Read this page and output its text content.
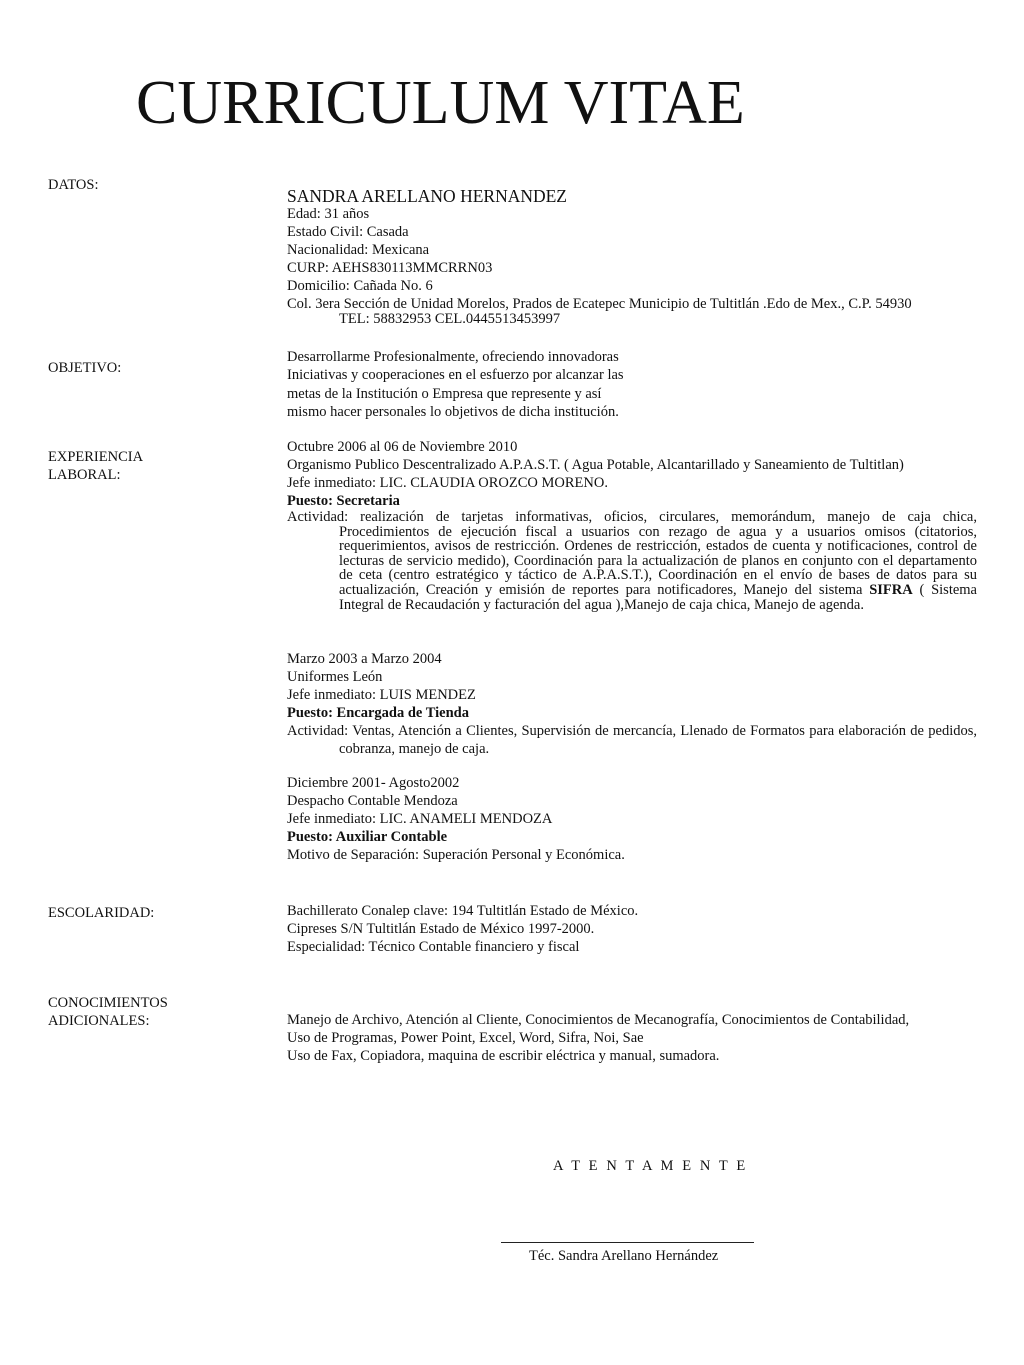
CURRICULUM VITAE
DATOS:
OBJETIVO:
EXPERIENCIA
LABORAL:
ESCOLARIDAD:
CONOCIMIENTOS
ADICIONALES:
SANDRA ARELLANO HERNANDEZ
Edad: 31 años
Estado Civil: Casada
Nacionalidad: Mexicana
CURP: AEHS830113MMCRRN03
Domicilio: Cañada No. 6
Col. 3era Sección de Unidad Morelos, Prados de Ecatepec Municipio de Tultitlán .Edo de Mex., C.P. 54930
TEL: 58832953 CEL.0445513453997
Desarrollarme Profesionalmente, ofreciendo innovadoras
Iniciativas y cooperaciones en el esfuerzo por alcanzar las
metas de la Institución o Empresa que represente y así
mismo hacer personales lo objetivos de dicha institución.
Octubre 2006 al 06 de Noviembre 2010
Organismo Publico Descentralizado A.P.A.S.T. ( Agua Potable, Alcantarillado y Saneamiento de Tultitlan)
Jefe inmediato: LIC. CLAUDIA OROZCO MORENO.
Puesto: Secretaria
Actividad: realización de tarjetas informativas, oficios, circulares, memorándum, manejo de caja chica, Procedimientos de ejecución fiscal a usuarios con rezago de agua y a usuarios omisos (citatorios, requerimientos, avisos de restricción. Ordenes de restricción, estados de cuenta y notificaciones, control de lecturas de servicio medido), Coordinación para la actualización de planos en conjunto con el departamento de ceta (centro estratégico y táctico de A.P.A.S.T.), Coordinación en el envío de bases de datos para su actualización, Creación y emisión de reportes para notificadores, Manejo del sistema SIFRA ( Sistema Integral de Recaudación y facturación del agua ),Manejo de caja chica, Manejo de agenda.
Marzo 2003 a Marzo 2004
Uniformes León
Jefe inmediato: LUIS MENDEZ
Puesto: Encargada de Tienda
Actividad: Ventas, Atención a Clientes, Supervisión de mercancía, Llenado de Formatos para elaboración de pedidos, cobranza, manejo de caja.
Diciembre 2001- Agosto2002
Despacho Contable Mendoza
Jefe inmediato: LIC. ANAMELI MENDOZA
Puesto: Auxiliar Contable
Motivo de Separación: Superación Personal y Económica.
Bachillerato Conalep clave: 194 Tultitlán Estado de México.
Cipreses S/N Tultitlán Estado de México 1997-2000.
Especialidad: Técnico Contable financiero y fiscal
Manejo de Archivo, Atención al Cliente, Conocimientos de Mecanografía, Conocimientos de Contabilidad,
Uso de Programas, Power Point, Excel, Word, Sifra, Noi, Sae
Uso de Fax, Copiadora, maquina de escribir eléctrica y manual, sumadora.
A T E N T A M E N T E
Téc. Sandra Arellano Hernández
